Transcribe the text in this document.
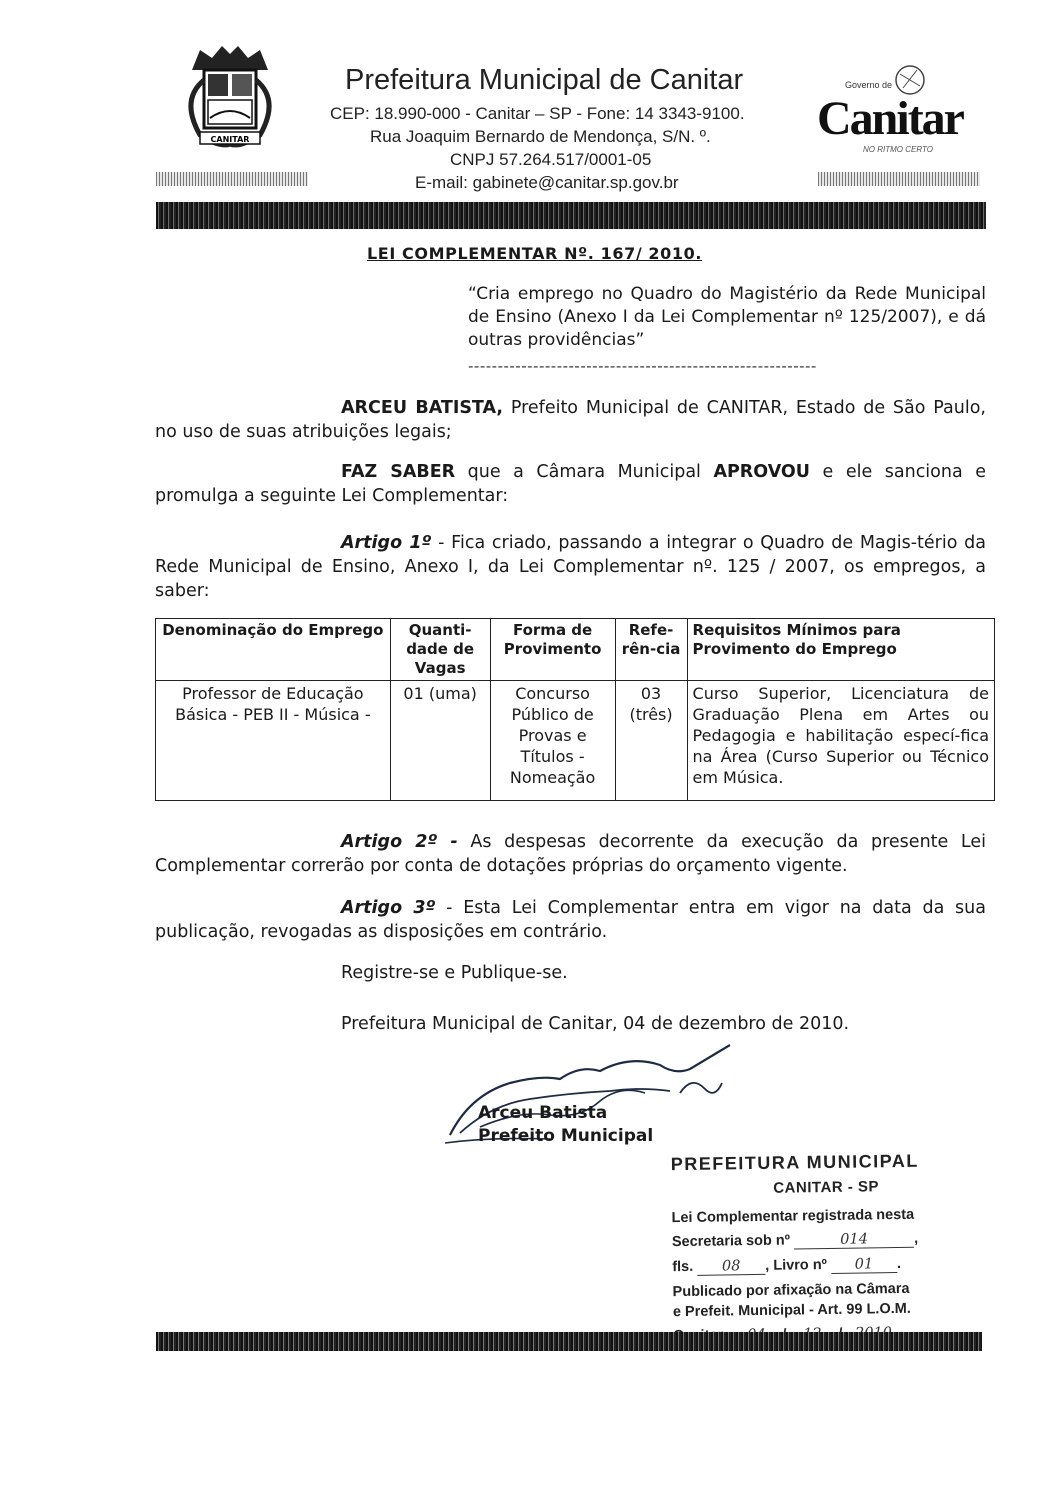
CANITAR
Prefeitura Municipal de Canitar
CEP: 18.990-000 - Canitar – SP - Fone: 14 3343-9100.
Rua Joaquim Bernardo de Mendonça, S/N. º.
CNPJ 57.264.517/0001-05
E-mail: gabinete@canitar.sp.gov.br
Governo de
Canitar
NO RITMO CERTO
LEI COMPLEMENTAR Nº. 167/ 2010.
“Cria emprego no Quadro do Magistério da Rede Municipal de Ensino (Anexo I da Lei Complementar nº 125/2007), e dá outras providências”
-----------------------------------------------------------
ARCEU BATISTA, Prefeito Municipal de CANITAR, Estado de São Paulo, no uso de suas atribuições legais;
FAZ SABER que a Câmara Municipal APROVOU e ele sanciona e promulga a seguinte Lei Complementar:
Artigo 1º - Fica criado, passando a integrar o Quadro de Magis-tério da Rede Municipal de Ensino, Anexo I, da Lei Complementar nº. 125 / 2007, os empregos, a saber:
Denominação do Emprego	Quanti-dade de Vagas	Forma de Provimento	Refe-rên-cia	Requisitos Mínimos para Provimento do Emprego
Professor de Educação Básica - PEB II - Música -	01 (uma)	Concurso Público de Provas e Títulos - Nomeação	03 (três)	Curso Superior, Licenciatura de Graduação Plena em Artes ou Pedagogia e habilitação especí-fica na Área (Curso Superior ou Técnico em Música.
Artigo 2º - As despesas decorrente da execução da presente Lei Complementar correrão por conta de dotações próprias do orçamento vigente.
Artigo 3º - Esta Lei Complementar entra em vigor na data da sua publicação, revogadas as disposições em contrário.
Registre-se e Publique-se.
Prefeitura Municipal de Canitar, 04 de dezembro de 2010.
Arceu Batista
Prefeito Municipal
PREFEITURA MUNICIPAL
CANITAR - SP
Lei Complementar registrada nesta
Secretaria sob nº	014	,
fls. 08 , Livro nº 01 .
Publicado por afixação na Câmara
e Prefeit. Municipal - Art. 99 L.O.M.
